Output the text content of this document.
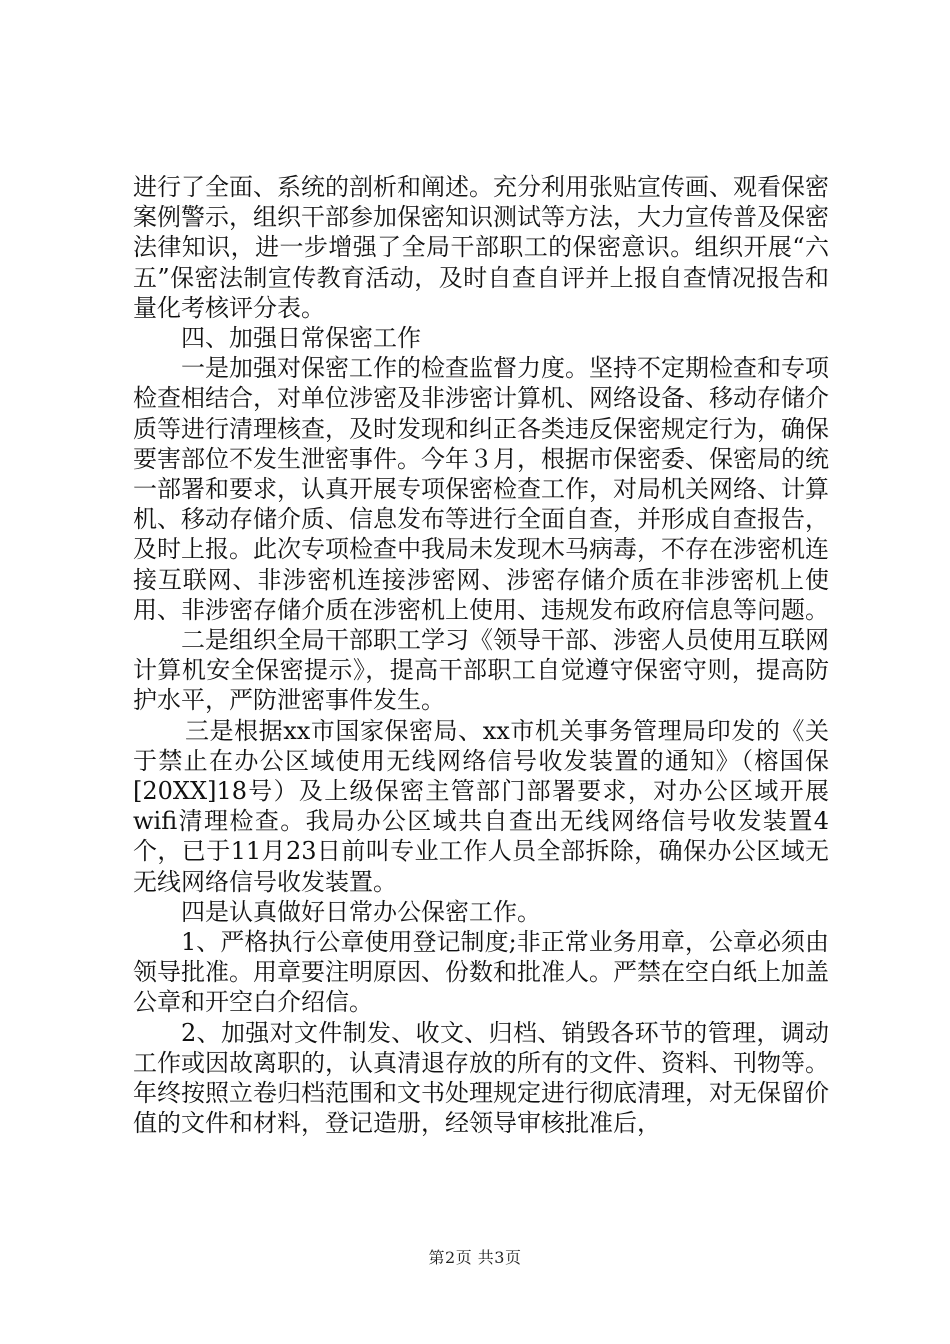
进行了全面、系统的剖析和阐述。充分利用张贴宣传画、观看保密案例警示，组织干部参加保密知识测试等方法，大力宣传普及保密法律知识，进一步增强了全局干部职工的保密意识。组织开展“六五”保密法制宣传教育活动，及时自查自评并上报自查情况报告和量化考核评分表。

四、加强日常保密工作

一是加强对保密工作的检查监督力度。坚持不定期检查和专项检查相结合，对单位涉密及非涉密计算机、网络设备、移动存储介质等进行清理核查，及时发现和纠正各类违反保密规定行为，确保要害部位不发生泄密事件。今年３月，根据市保密委、保密局的统一部署和要求，认真开展专项保密检查工作，对局机关网络、计算机、移动存储介质、信息发布等进行全面自查，并形成自查报告，及时上报。此次专项检查中我局未发现木马病毒，不存在涉密机连接互联网、非涉密机连接涉密网、涉密存储介质在非涉密机上使用、非涉密存储介质在涉密机上使用、违规发布政府信息等问题。

二是组织全局干部职工学习《领导干部、涉密人员使用互联网计算机安全保密提示》，提高干部职工自觉遵守保密守则，提高防护水平，严防泄密事件发生。

三是根据xx市国家保密局、xx市机关事务管理局印发的《关于禁止在办公区域使用无线网络信号收发装置的通知》（榕国保[20XX]18号）及上级保密主管部门部署要求，对办公区域开展wifi清理检查。我局办公区域共自查出无线网络信号收发装置4个，已于11月23日前叫专业工作人员全部拆除，确保办公区域无无线网络信号收发装置。

四是认真做好日常办公保密工作。

1、严格执行公章使用登记制度;非正常业务用章，公章必须由领导批准。用章要注明原因、份数和批准人。严禁在空白纸上加盖公章和开空白介绍信。

2、加强对文件制发、收文、归档、销毁各环节的管理，调动工作或因故离职的，认真清退存放的所有的文件、资料、刊物等。年终按照立卷归档范围和文书处理规定进行彻底清理，对无保留价值的文件和材料，登记造册，经领导审核批准后，

第2页 共3页
